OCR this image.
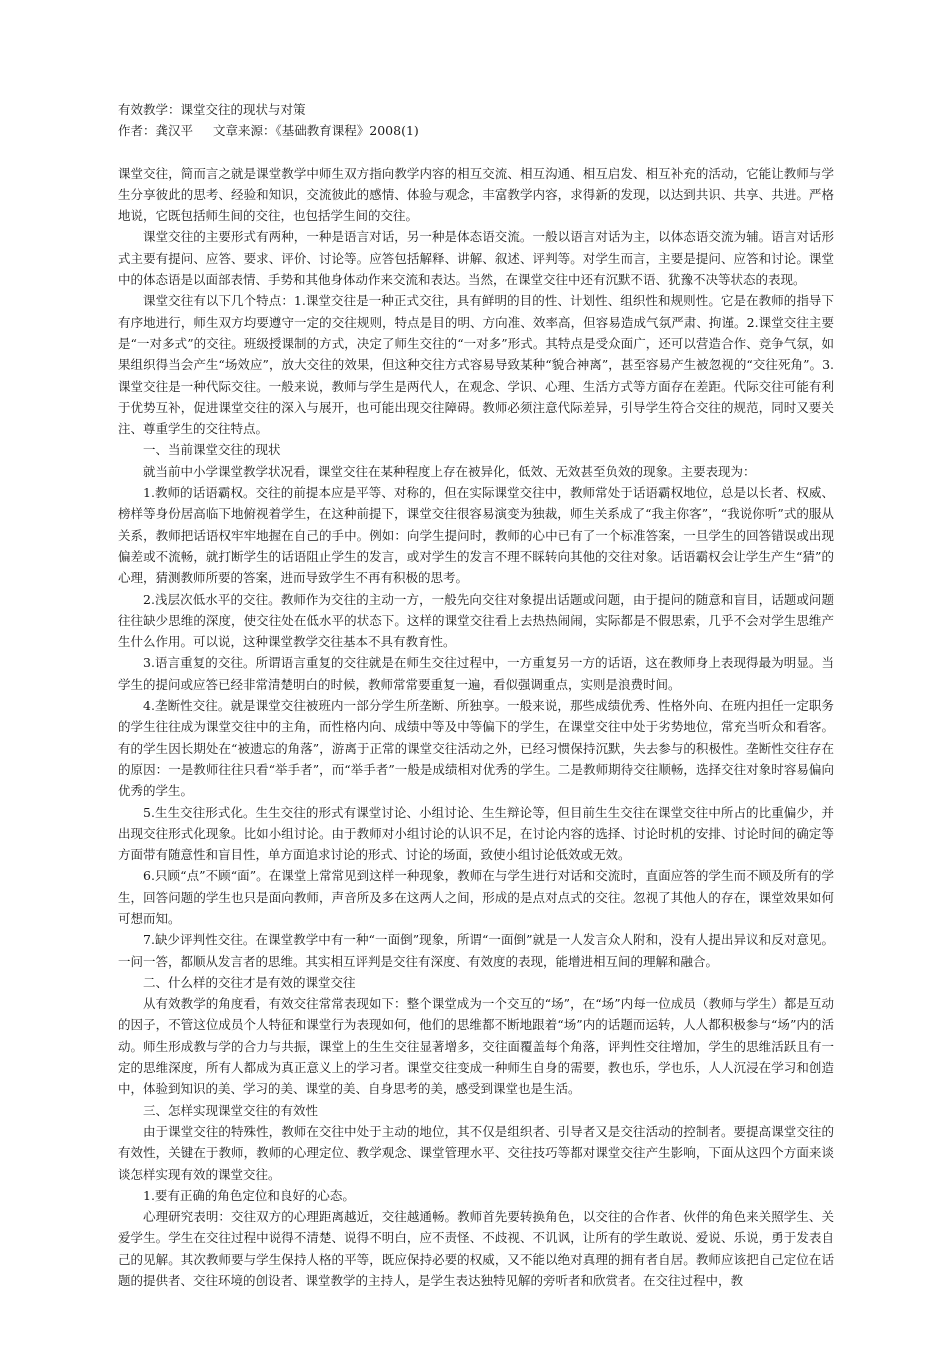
有效教学：课堂交往的现状与对策

作者：龚汉平 文章来源：《基础教育课程》2008(1)

课堂交往，简而言之就是课堂教学中师生双方指向教学内容的相互交流、相互沟通、相互启发、相互补充的活动，它能让教师与学生分享彼此的思考、经验和知识，交流彼此的感情、体验与观念，丰富教学内容，求得新的发现，以达到共识、共享、共进。严格地说，它既包括师生间的交往，也包括学生间的交往。

课堂交往的主要形式有两种，一种是语言对话，另一种是体态语交流。一般以语言对话为主，以体态语交流为辅。语言对话形式主要有提问、应答、要求、评价、讨论等。应答包括解释、讲解、叙述、评判等。对学生而言，主要是提问、应答和讨论。课堂中的体态语是以面部表情、手势和其他身体动作来交流和表达。当然，在课堂交往中还有沉默不语、犹豫不决等状态的表现。

课堂交往有以下几个特点：1.课堂交往是一种正式交往，具有鲜明的目的性、计划性、组织性和规则性。它是在教师的指导下有序地进行，师生双方均要遵守一定的交往规则，特点是目的明、方向准、效率高，但容易造成气氛严肃、拘谨。2.课堂交往主要是“一对多式”的交往。班级授课制的方式，决定了师生交往的“一对多”形式。其特点是受众面广，还可以营造合作、竞争气氛，如果组织得当会产生“场效应”，放大交往的效果，但这种交往方式容易导致某种“貌合神离”，甚至容易产生被忽视的“交往死角”。3.课堂交往是一种代际交往。一般来说，教师与学生是两代人，在观念、学识、心理、生活方式等方面存在差距。代际交往可能有利于优势互补，促进课堂交往的深入与展开，也可能出现交往障碍。教师必须注意代际差异，引导学生符合交往的规范，同时又要关注、尊重学生的交往特点。

一、当前课堂交往的现状

就当前中小学课堂教学状况看，课堂交往在某种程度上存在被异化，低效、无效甚至负效的现象。主要表现为：

1.教师的话语霸权。交往的前提本应是平等、对称的，但在实际课堂交往中，教师常处于话语霸权地位，总是以长者、权威、榜样等身份居高临下地俯视着学生，在这种前提下，课堂交往很容易演变为独裁，师生关系成了“我主你客”，“我说你听”式的服从关系，教师把话语权牢牢地握在自己的手中。例如：向学生提问时，教师的心中已有了一个标准答案，一旦学生的回答错误或出现偏差或不流畅，就打断学生的话语阻止学生的发言，或对学生的发言不理不睬转向其他的交往对象。话语霸权会让学生产生“猜”的心理，猜测教师所要的答案，进而导致学生不再有积极的思考。

2.浅层次低水平的交往。教师作为交往的主动一方，一般先向交往对象提出话题或问题，由于提问的随意和盲目，话题或问题往往缺少思维的深度，使交往处在低水平的状态下。这样的课堂交往看上去热热闹闹，实际都是不假思索，几乎不会对学生思维产生什么作用。可以说，这种课堂教学交往基本不具有教育性。

3.语言重复的交往。所谓语言重复的交往就是在师生交往过程中，一方重复另一方的话语，这在教师身上表现得最为明显。当学生的提问或应答已经非常清楚明白的时候，教师常常要重复一遍，看似强调重点，实则是浪费时间。

4.垄断性交往。就是课堂交往被班内一部分学生所垄断、所独享。一般来说，那些成绩优秀、性格外向、在班内担任一定职务的学生往往成为课堂交往中的主角，而性格内向、成绩中等及中等偏下的学生，在课堂交往中处于劣势地位，常充当听众和看客。有的学生因长期处在“被遗忘的角落”，游离于正常的课堂交往活动之外，已经习惯保持沉默，失去参与的积极性。垄断性交往存在的原因：一是教师往往只看“举手者”，而“举手者”一般是成绩相对优秀的学生。二是教师期待交往顺畅，选择交往对象时容易偏向优秀的学生。

5.生生交往形式化。生生交往的形式有课堂讨论、小组讨论、生生辩论等，但目前生生交往在课堂交往中所占的比重偏少，并出现交往形式化现象。比如小组讨论。由于教师对小组讨论的认识不足，在讨论内容的选择、讨论时机的安排、讨论时间的确定等方面带有随意性和盲目性，单方面追求讨论的形式、讨论的场面，致使小组讨论低效或无效。

6.只顾“点”不顾“面”。在课堂上常常见到这样一种现象，教师在与学生进行对话和交流时，直面应答的学生而不顾及所有的学生，回答问题的学生也只是面向教师，声音所及多在这两人之间，形成的是点对点式的交往。忽视了其他人的存在，课堂效果如何可想而知。

7.缺少评判性交往。在课堂教学中有一种“一面倒”现象，所谓“一面倒”就是一人发言众人附和，没有人提出异议和反对意见。一问一答，都顺从发言者的思维。其实相互评判是交往有深度、有效度的表现，能增进相互间的理解和融合。

二、什么样的交往才是有效的课堂交往

从有效教学的角度看，有效交往常常表现如下：整个课堂成为一个交互的“场”，在“场”内每一位成员（教师与学生）都是互动的因子，不管这位成员个人特征和课堂行为表现如何，他们的思维都不断地跟着“场”内的话题而运转，人人都积极参与“场”内的活动。师生形成教与学的合力与共振，课堂上的生生交往显著增多，交往面覆盖每个角落，评判性交往增加，学生的思维活跃且有一定的思维深度，所有人都成为真正意义上的学习者。课堂交往变成一种师生自身的需要，教也乐，学也乐，人人沉浸在学习和创造中，体验到知识的美、学习的美、课堂的美、自身思考的美，感受到课堂也是生活。

三、怎样实现课堂交往的有效性

由于课堂交往的特殊性，教师在交往中处于主动的地位，其不仅是组织者、引导者又是交往活动的控制者。要提高课堂交往的有效性，关键在于教师，教师的心理定位、教学观念、课堂管理水平、交往技巧等都对课堂交往产生影响，下面从这四个方面来谈谈怎样实现有效的课堂交往。

1.要有正确的角色定位和良好的心态。

心理研究表明：交往双方的心理距离越近，交往越通畅。教师首先要转换角色，以交往的合作者、伙伴的角色来关照学生、关爱学生。学生在交往过程中说得不清楚、说得不明白，应不责怪、不歧视、不讥讽，让所有的学生敢说、爱说、乐说，勇于发表自己的见解。其次教师要与学生保持人格的平等，既应保持必要的权威，又不能以绝对真理的拥有者自居。教师应该把自己定位在话题的提供者、交往环境的创设者、课堂教学的主持人，是学生表达独特见解的旁听者和欣赏者。在交往过程中，教
